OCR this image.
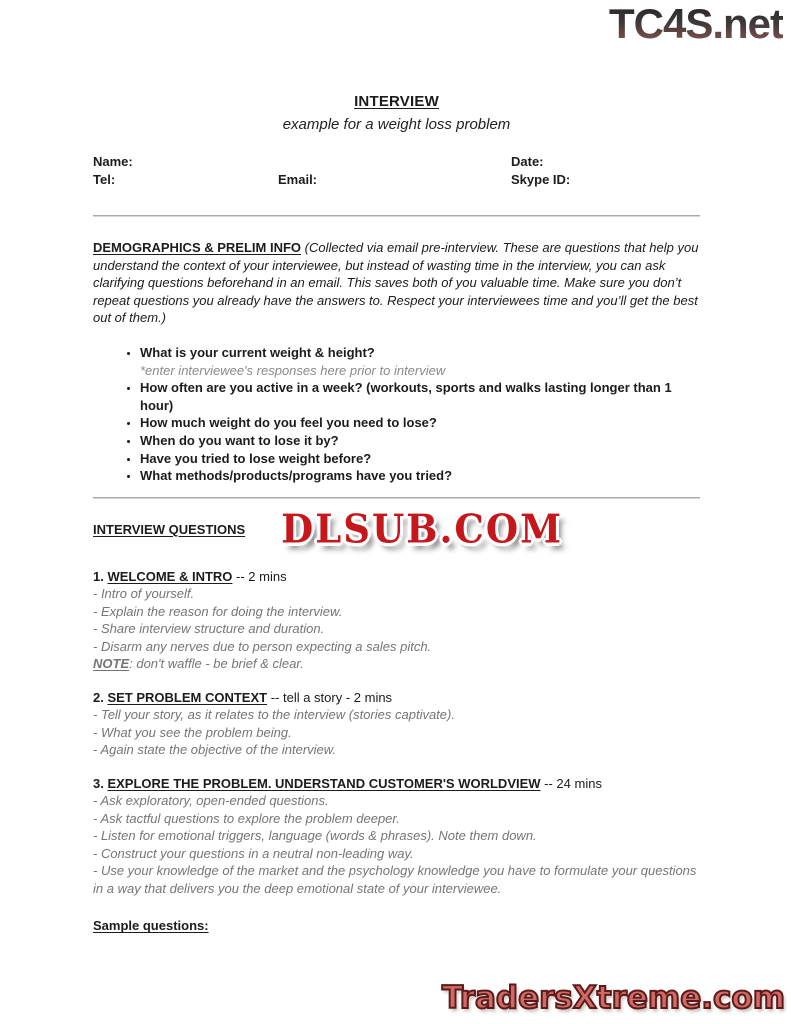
TC4S.net
INTERVIEW
example for a weight loss problem
Name:	Date:
Tel:	Email:	Skype ID:
DEMOGRAPHICS & PRELIM INFO (Collected via email pre-interview. These are questions that help you understand the context of your interviewee, but instead of wasting time in the interview, you can ask clarifying questions beforehand in an email. This saves both of you valuable time. Make sure you don’t repeat questions you already have the answers to. Respect your interviewees time and you’ll get the best out of them.)
• What is your current weight & height?
*enter interviewee's responses here prior to interview
• How often are you active in a week? (workouts, sports and walks lasting longer than 1 hour)
• How much weight do you feel you need to lose?
• When do you want to lose it by?
• Have you tried to lose weight before?
• What methods/products/programs have you tried?
INTERVIEW QUESTIONS DLSUB.COM
1. WELCOME & INTRO -- 2 mins
- Intro of yourself.
- Explain the reason for doing the interview.
- Share interview structure and duration.
- Disarm any nerves due to person expecting a sales pitch.
NOTE: don't waffle - be brief & clear.
2. SET PROBLEM CONTEXT -- tell a story - 2 mins
- Tell your story, as it relates to the interview (stories captivate).
- What you see the problem being.
- Again state the objective of the interview.
3. EXPLORE THE PROBLEM. UNDERSTAND CUSTOMER'S WORLDVIEW -- 24 mins
- Ask exploratory, open-ended questions.
- Ask tactful questions to explore the problem deeper.
- Listen for emotional triggers, language (words & phrases). Note them down.
- Construct your questions in a neutral non-leading way.
- Use your knowledge of the market and the psychology knowledge you have to formulate your questions in a way that delivers you the deep emotional state of your interviewee.
Sample questions:
TradersXtreme.com
